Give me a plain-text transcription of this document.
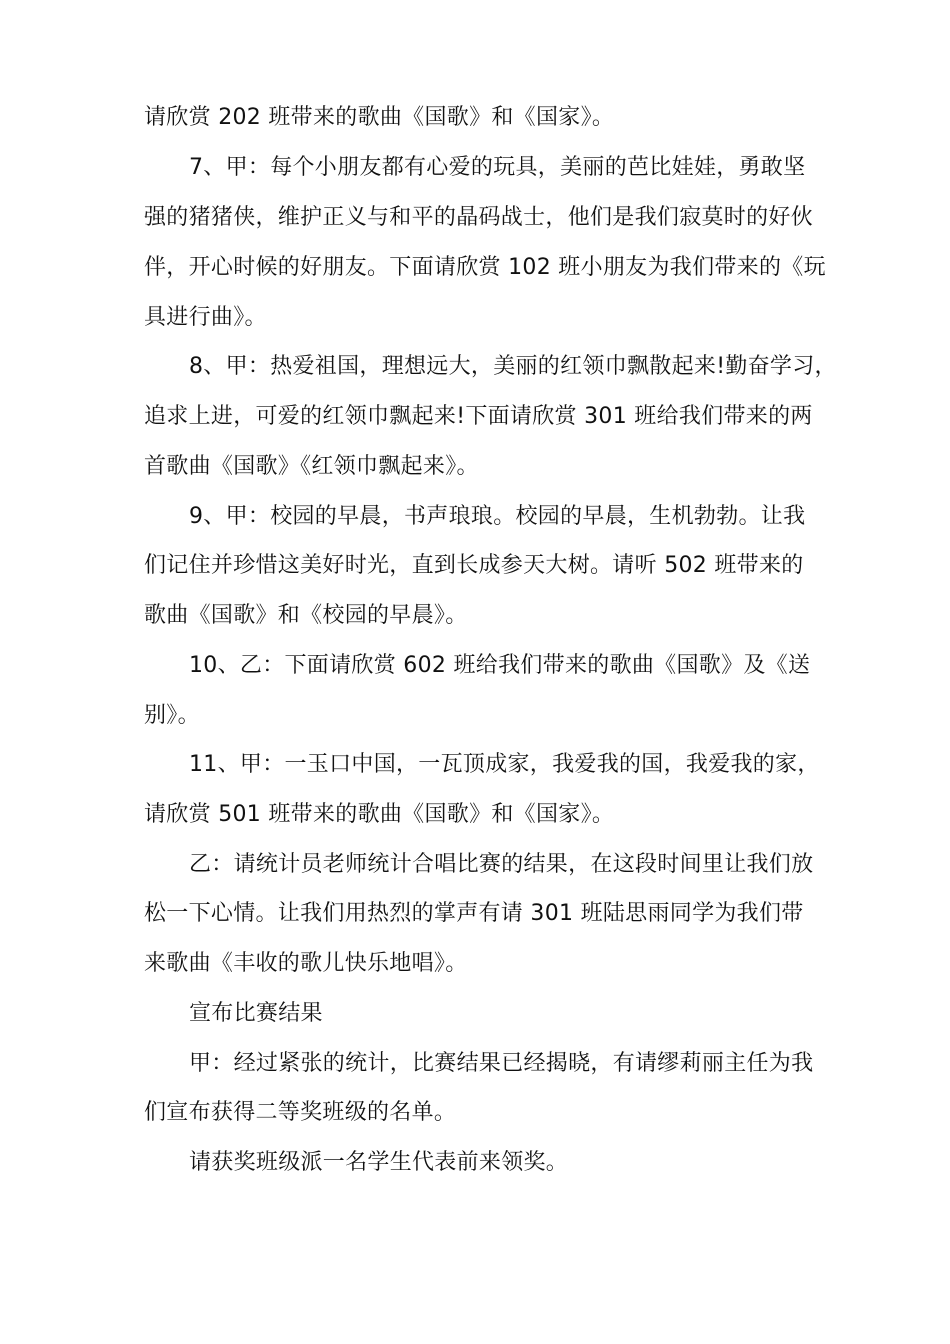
请欣赏 202 班带来的歌曲《国歌》和《国家》。
7、甲：每个小朋友都有心爱的玩具，美丽的芭比娃娃，勇敢坚
强的猪猪侠，维护正义与和平的晶码战士，他们是我们寂莫时的好伙
伴，开心时候的好朋友。下面请欣赏 102 班小朋友为我们带来的《玩
具进行曲》。
8、甲：热爱祖国，理想远大，美丽的红领巾飘散起来!勤奋学习，
追求上进，可爱的红领巾飘起来!下面请欣赏 301 班给我们带来的两
首歌曲《国歌》《红领巾飘起来》。
9、甲：校园的早晨，书声琅琅。校园的早晨，生机勃勃。让我
们记住并珍惜这美好时光，直到长成参天大树。请听 502 班带来的
歌曲《国歌》和《校园的早晨》。
10、乙：下面请欣赏 602 班给我们带来的歌曲《国歌》及《送
别》。
11、甲：一玉口中国，一瓦顶成家，我爱我的国，我爱我的家，
请欣赏 501 班带来的歌曲《国歌》和《国家》。
乙：请统计员老师统计合唱比赛的结果，在这段时间里让我们放
松一下心情。让我们用热烈的掌声有请 301 班陆思雨同学为我们带
来歌曲《丰收的歌儿快乐地唱》。
宣布比赛结果
甲：经过紧张的统计，比赛结果已经揭晓，有请缪莉丽主任为我
们宣布获得二等奖班级的名单。
请获奖班级派一名学生代表前来领奖。
